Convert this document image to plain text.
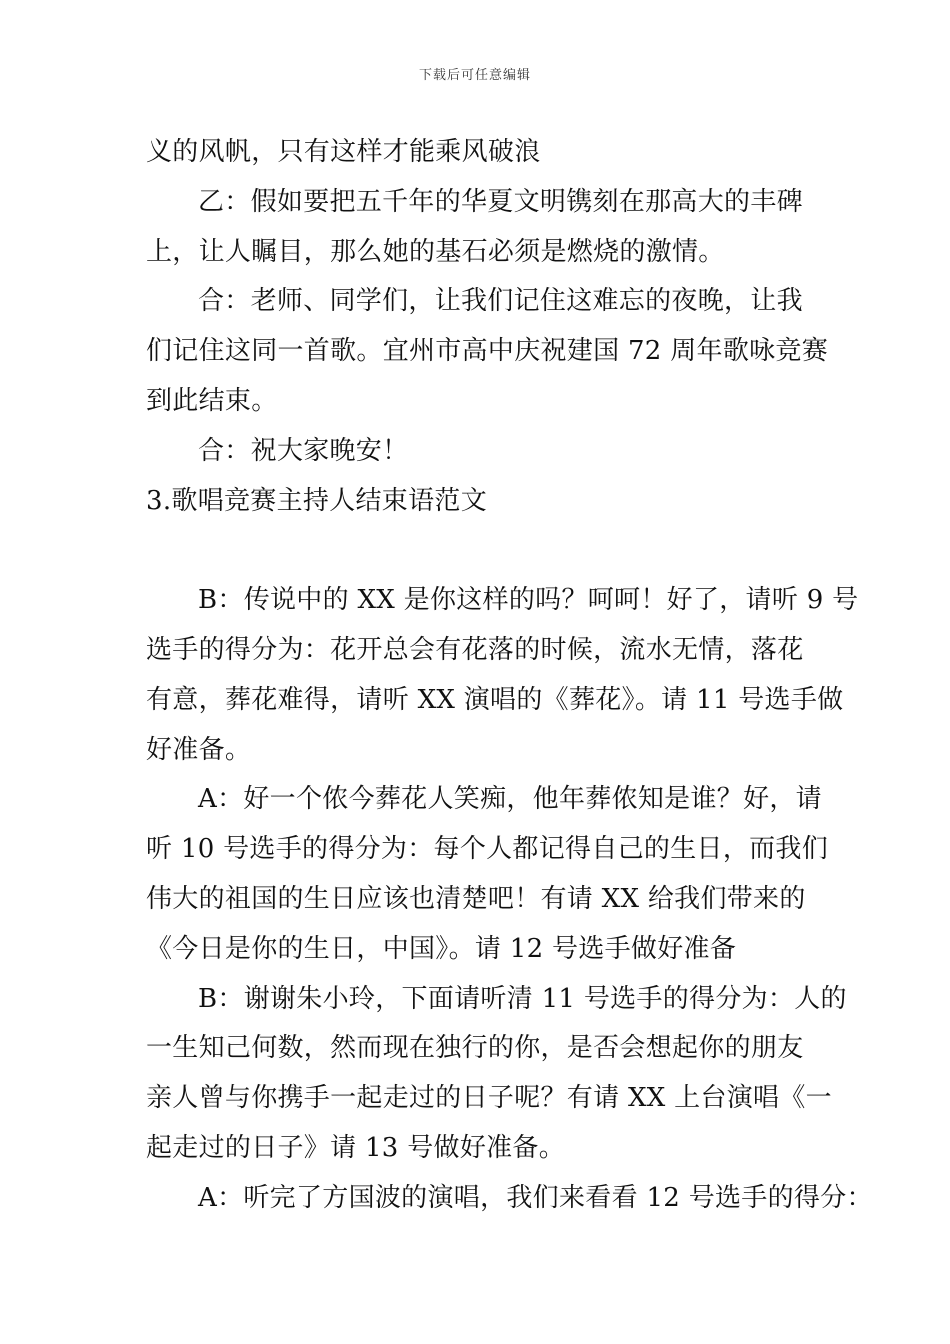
下载后可任意编辑
义的风帆，只有这样才能乘风破浪
乙：假如要把五千年的华夏文明镌刻在那高大的丰碑
上，让人瞩目，那么她的基石必须是燃烧的激情。
合：老师、同学们，让我们记住这难忘的夜晚，让我
们记住这同一首歌。宜州市高中庆祝建国 72 周年歌咏竞赛
到此结束。
合：祝大家晚安！
3.歌唱竞赛主持人结束语范文
B：传说中的 XX 是你这样的吗？呵呵！好了，请听 9 号
选手的得分为：花开总会有花落的时候，流水无情，落花
有意，葬花难得，请听 XX 演唱的《葬花》。请 11 号选手做
好准备。
A：好一个侬今葬花人笑痴，他年葬侬知是谁？好，请
听 10 号选手的得分为：每个人都记得自己的生日，而我们
伟大的祖国的生日应该也清楚吧！有请 XX 给我们带来的
《今日是你的生日，中国》。请 12 号选手做好准备
B：谢谢朱小玲，下面请听清 11 号选手的得分为：人的
一生知己何数，然而现在独行的你，是否会想起你的朋友
亲人曾与你携手一起走过的日子呢？有请 XX 上台演唱《一
起走过的日子》请 13 号做好准备。
A：听完了方国波的演唱，我们来看看 12 号选手的得分：
